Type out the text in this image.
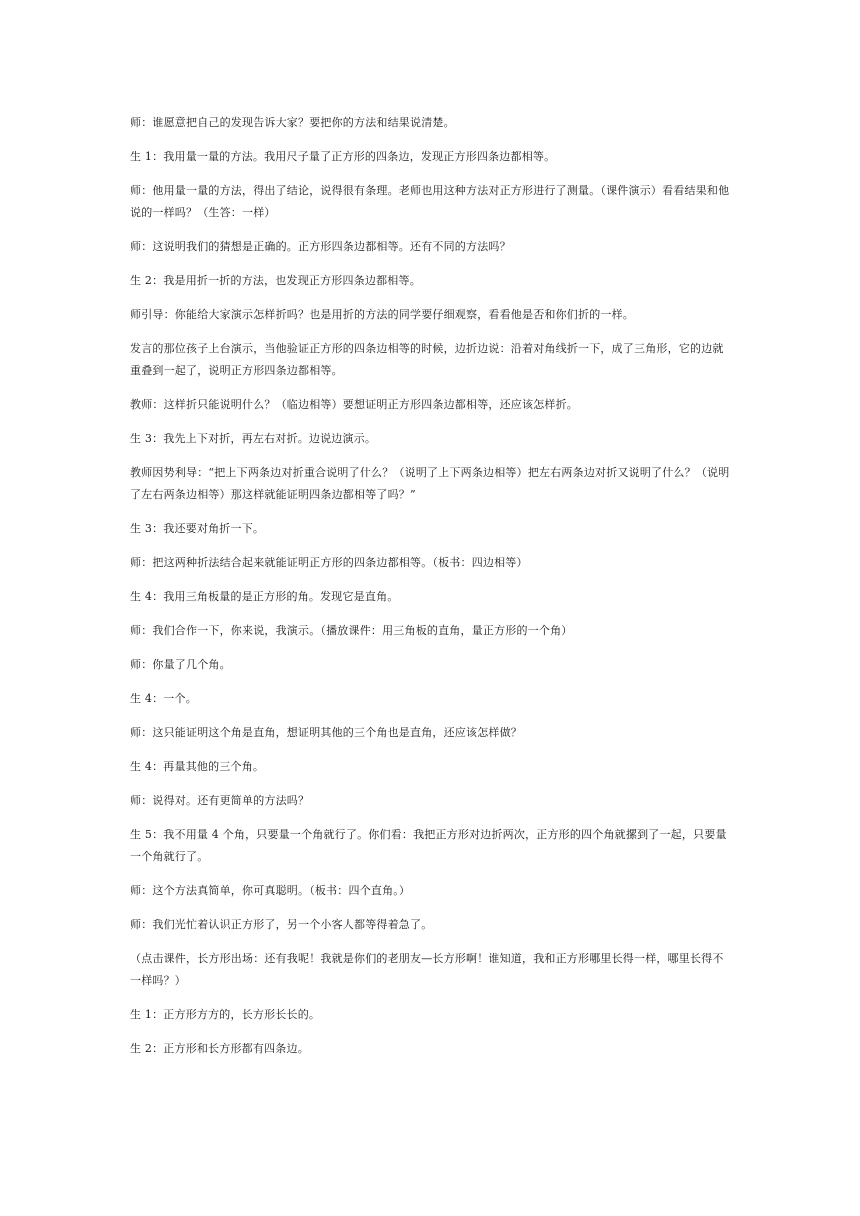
师：谁愿意把自己的发现告诉大家？要把你的方法和结果说清楚。

生 1：我用量一量的方法。我用尺子量了正方形的四条边，发现正方形四条边都相等。

师：他用量一量的方法，得出了结论，说得很有条理。老师也用这种方法对正方形进行了测量。（课件演示）看看结果和他说的一样吗？（生答：一样）

师：这说明我们的猜想是正确的。正方形四条边都相等。还有不同的方法吗？

生 2：我是用折一折的方法，也发现正方形四条边都相等。

师引导：你能给大家演示怎样折吗？也是用折的方法的同学要仔细观察，看看他是否和你们折的一样。

发言的那位孩子上台演示，当他验证正方形的四条边相等的时候，边折边说：沿着对角线折一下，成了三角形，它的边就重叠到一起了，说明正方形四条边都相等。

教师：这样折只能说明什么？（临边相等）要想证明正方形四条边都相等，还应该怎样折。

生 3：我先上下对折，再左右对折。边说边演示。

教师因势利导：“把上下两条边对折重合说明了什么？（说明了上下两条边相等）把左右两条边对折又说明了什么？（说明了左右两条边相等）那这样就能证明四条边都相等了吗？”

生 3：我还要对角折一下。

师：把这两种折法结合起来就能证明正方形的四条边都相等。（板书：四边相等）

生 4：我用三角板量的是正方形的角。发现它是直角。

师：我们合作一下，你来说，我演示。（播放课件：用三角板的直角，量正方形的一个角）

师：你量了几个角。

生 4：一个。

师：这只能证明这个角是直角，想证明其他的三个角也是直角，还应该怎样做？

生 4：再量其他的三个角。

师：说得对。还有更简单的方法吗？

生 5：我不用量 4 个角，只要量一个角就行了。你们看：我把正方形对边折两次，正方形的四个角就摞到了一起，只要量一个角就行了。

师：这个方法真简单，你可真聪明。（板书：四个直角。）

师：我们光忙着认识正方形了，另一个小客人都等得着急了。

（点击课件，长方形出场：还有我呢！我就是你们的老朋友—长方形啊！谁知道，我和正方形哪里长得一样，哪里长得不一样吗？）

生 1：正方形方方的，长方形长长的。

生 2：正方形和长方形都有四条边。
